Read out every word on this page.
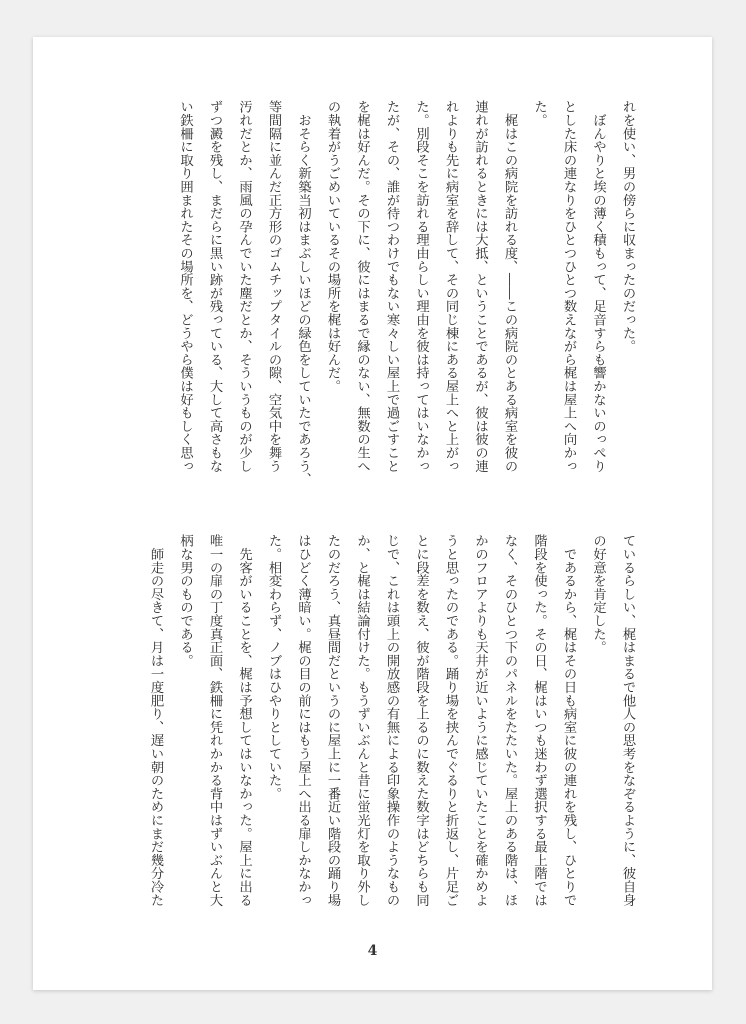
れを使い、男の傍らに収まったのだった。
　ぼんやりと埃の薄く積もって、足音すらも響かないのっぺり
とした床の連なりをひとつひとつ数えながら梶は屋上へ向かっ
た。
　梶はこの病院を訪れる度、――この病院のとある病室を彼の
連れが訪れるときには大抵、ということであるが、彼は彼の連
れよりも先に病室を辞して、その同じ棟にある屋上へと上がっ
た。別段そこを訪れる理由らしい理由を彼は持ってはいなかっ
たが、その、誰が待つわけでもない寒々しい屋上で過ごすこと
を梶は好んだ。その下に、彼にはまるで縁のない、無数の生へ
の執着がうごめいているその場所を梶は好んだ。
　おそらく新築当初はまぶしいほどの緑色をしていたであろう、
等間隔に並んだ正方形のゴムチップタイルの隙、空気中を舞う
汚れだとか、雨風の孕んでいた塵だとか、そういうものが少し
ずつ澱を残し、まだらに黒い跡が残っている、大して高さもな
い鉄柵に取り囲まれたその場所を、どうやら僕は好もしく思っ
ているらしい、梶はまるで他人の思考をなぞるように、彼自身
の好意を肯定した。
　であるから、梶はその日も病室に彼の連れを残し、ひとりで
階段を使った。その日、梶はいつも迷わず選択する最上階では
なく、そのひとつ下のパネルをたたいた。屋上のある階は、ほ
かのフロアよりも天井が近いように感じていたことを確かめよ
うと思ったのである。踊り場を挟んでぐるりと折返し、片足ご
とに段差を数え、彼が階段を上るのに数えた数字はどちらも同
じで、これは頭上の開放感の有無による印象操作のようなもの
か、と梶は結論付けた。もうずいぶんと昔に蛍光灯を取り外し
たのだろう、真昼間だというのに屋上に一番近い階段の踊り場
はひどく薄暗い。梶の目の前にはもう屋上へ出る扉しかなかっ
た。相変わらず、ノブはひやりとしていた。
　先客がいることを、梶は予想してはいなかった。屋上に出る
唯一の扉の丁度真正面、鉄柵に凭れかかる背中はずいぶんと大
柄な男のものである。
　師走の尽きて、月は一度肥り、遅い朝のためにまだ幾分冷た
4
